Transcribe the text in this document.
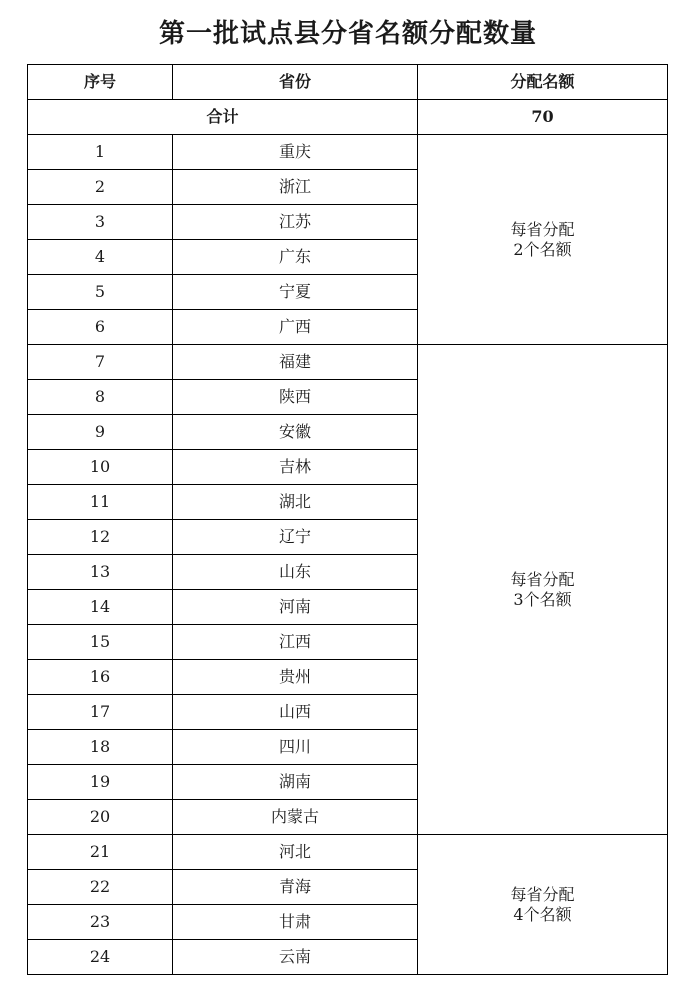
第一批试点县分省名额分配数量
序号	省份	分配名额
合计		70
1	重庆	每省分配
2个名额

2	浙江	
3	江苏	
4	广东	
5	宁夏	
6	广西	
7	福建	每省分配
3个名额

8	陕西	
9	安徽	
10	吉林	
11	湖北	
12	辽宁	
13	山东	
14	河南	
15	江西	
16	贵州	
17	山西	
18	四川	
19	湖南	
20	内蒙古	
21	河北	每省分配
4个名额

22	青海	
23	甘肃	
24	云南	
